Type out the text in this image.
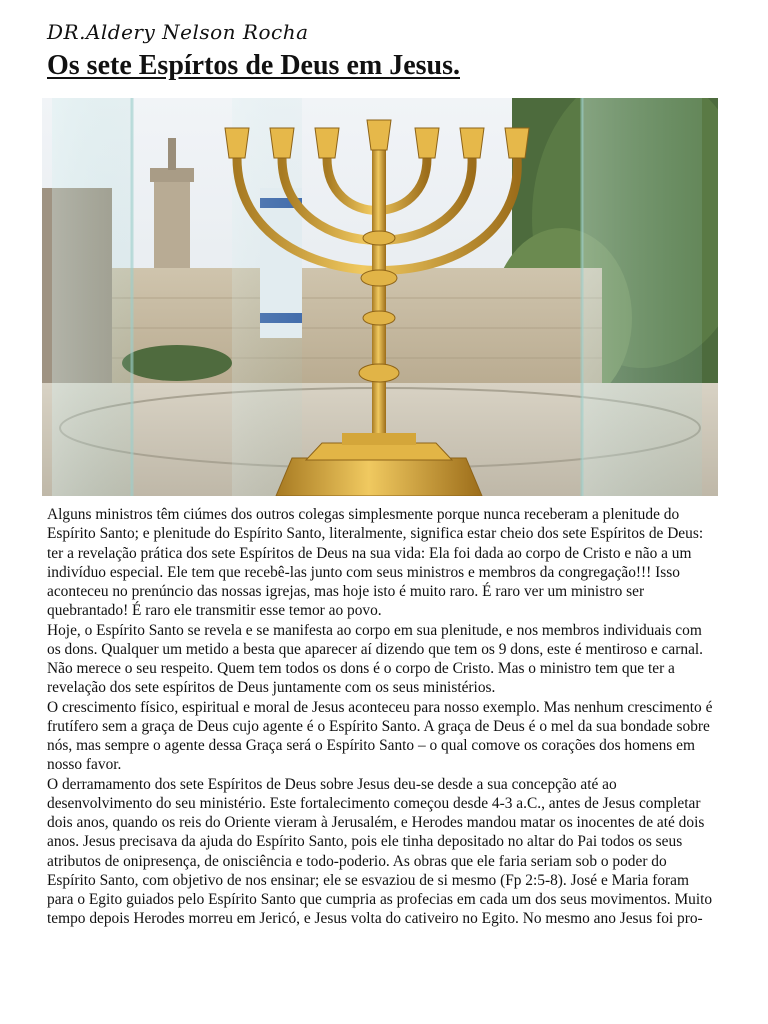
DR.Aldery Nelson Rocha
Os sete Espírtos de Deus em Jesus.

Alguns ministros têm ciúmes dos outros colegas simplesmente porque nunca receberam a plenitude do Espírito Santo; e plenitude do Espírito Santo, literalmente, significa estar cheio dos sete Espíritos de Deus: ter a revelação prática dos sete Espíritos de Deus na sua vida: Ela foi dada ao corpo de Cristo e não a um indivíduo especial. Ele tem que recebê-las junto com seus ministros e membros da congregação!!! Isso aconteceu no prenúncio das nossas igrejas, mas hoje isto é muito raro. É raro ver um ministro ser quebrantado! É raro ele transmitir esse temor ao povo.

Hoje, o Espírito Santo se revela e se manifesta ao corpo em sua plenitude, e nos membros individuais com os dons. Qualquer um metido a besta que aparecer aí dizendo que tem os 9 dons, este é mentiroso e carnal. Não merece o seu respeito. Quem tem todos os dons é o corpo de Cristo. Mas o ministro tem que ter a revelação dos sete espíritos de Deus juntamente com os seus ministérios.

O crescimento físico, espiritual e moral de Jesus aconteceu para nosso exemplo. Mas nenhum crescimento é frutífero sem a graça de Deus cujo agente é o Espírito Santo. A graça de Deus é o mel da sua bondade sobre nós, mas sempre o agente dessa Graça será o Espírito Santo – o qual comove os corações dos homens em nosso favor.

O derramamento dos sete Espíritos de Deus sobre Jesus deu-se desde a sua concepção até ao desenvolvimento do seu ministério. Este fortalecimento começou desde 4-3 a.C., antes de Jesus completar dois anos, quando os reis do Oriente vieram à Jerusalém, e Herodes mandou matar os inocentes de até dois anos. Jesus precisava da ajuda do Espírito Santo, pois ele tinha depositado no altar do Pai todos os seus atributos de onipresença, de onisciência e todo-poderio. As obras que ele faria seriam sob o poder do Espírito Santo, com objetivo de nos ensinar; ele se esvaziou de si mesmo (Fp 2:5-8). José e Maria foram para o Egito guiados pelo Espírito Santo que cumpria as profecias em cada um dos seus movimentos. Muito tempo depois Herodes morreu em Jericó, e Jesus volta do cativeiro no Egito. No mesmo ano Jesus foi pro-
